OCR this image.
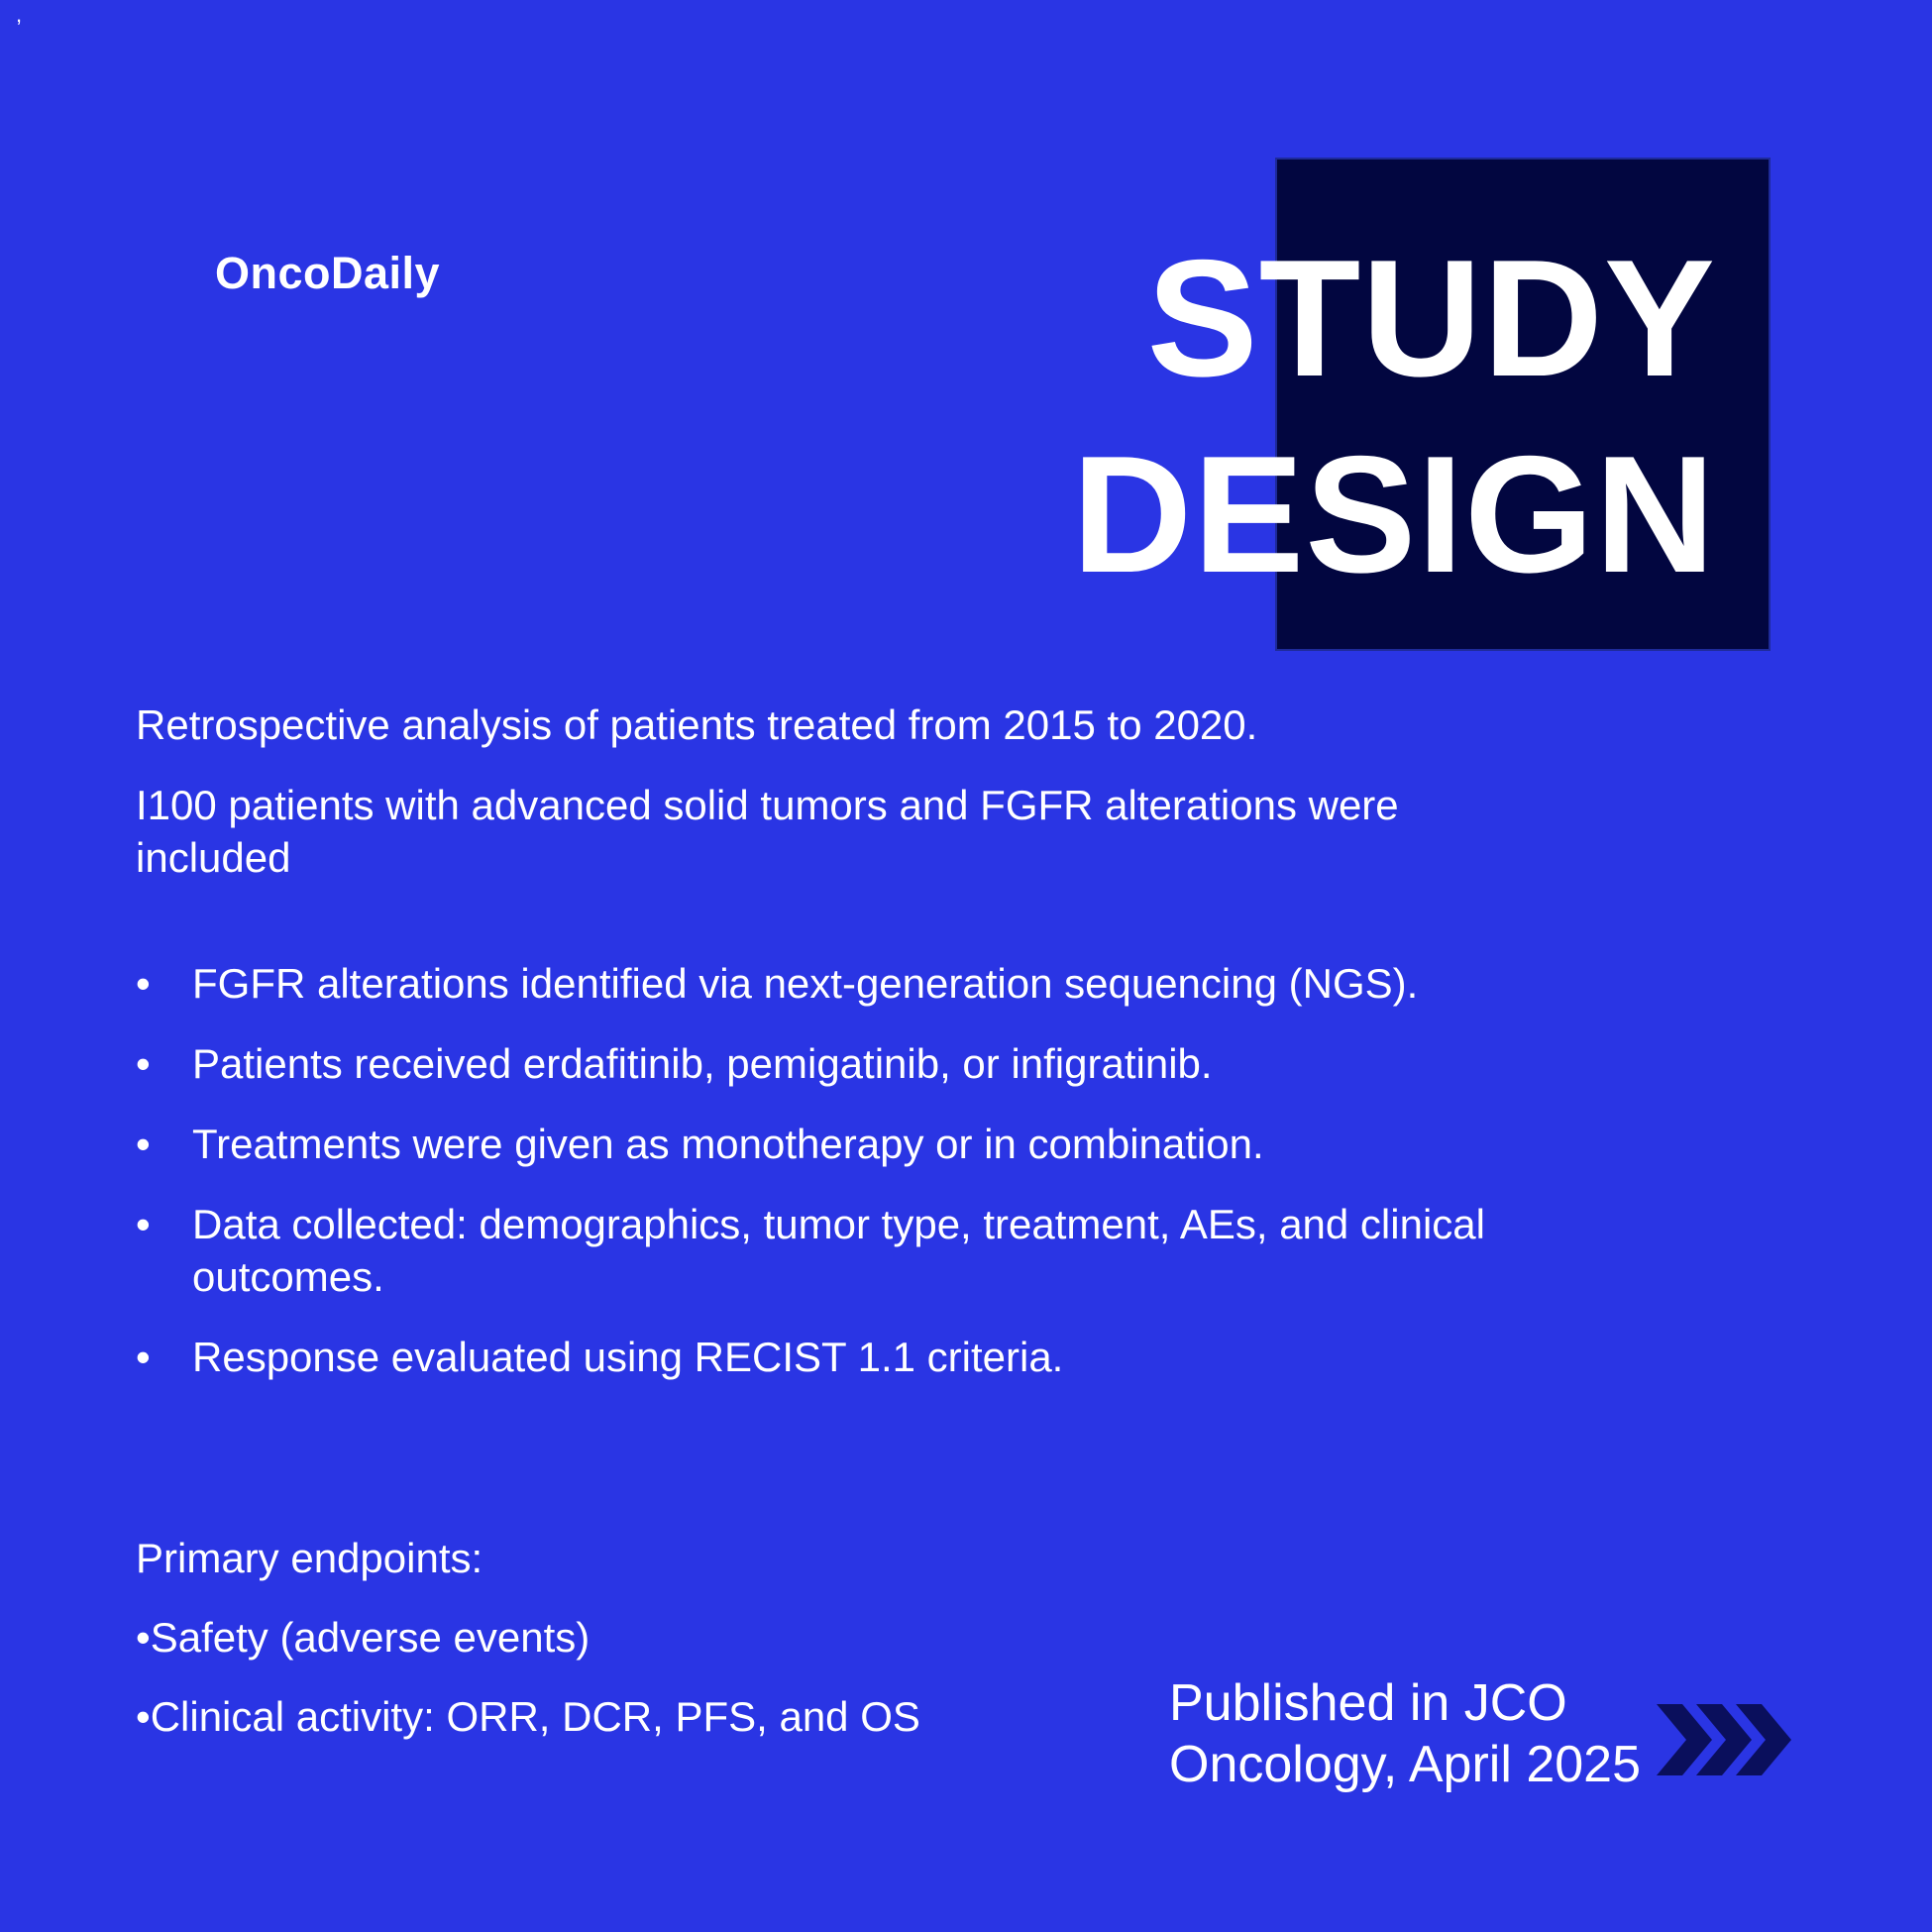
,
OncoDaily	STUDY
DESIGN

Retrospective analysis of patients treated from 2015 to 2020.

I100 patients with advanced solid tumors and FGFR alterations were included

• FGFR alterations identified via next-generation sequencing (NGS).
• Patients received erdafitinib, pemigatinib, or infigratinib.
• Treatments were given as monotherapy or in combination.
• Data collected: demographics, tumor type, treatment, AEs, and clinical outcomes.
• Response evaluated using RECIST 1.1 criteria.
Primary endpoints:
•Safety (adverse events)
•Clinical activity: ORR, DCR, PFS, and OS	Published in JCO
Oncology, April 2025
